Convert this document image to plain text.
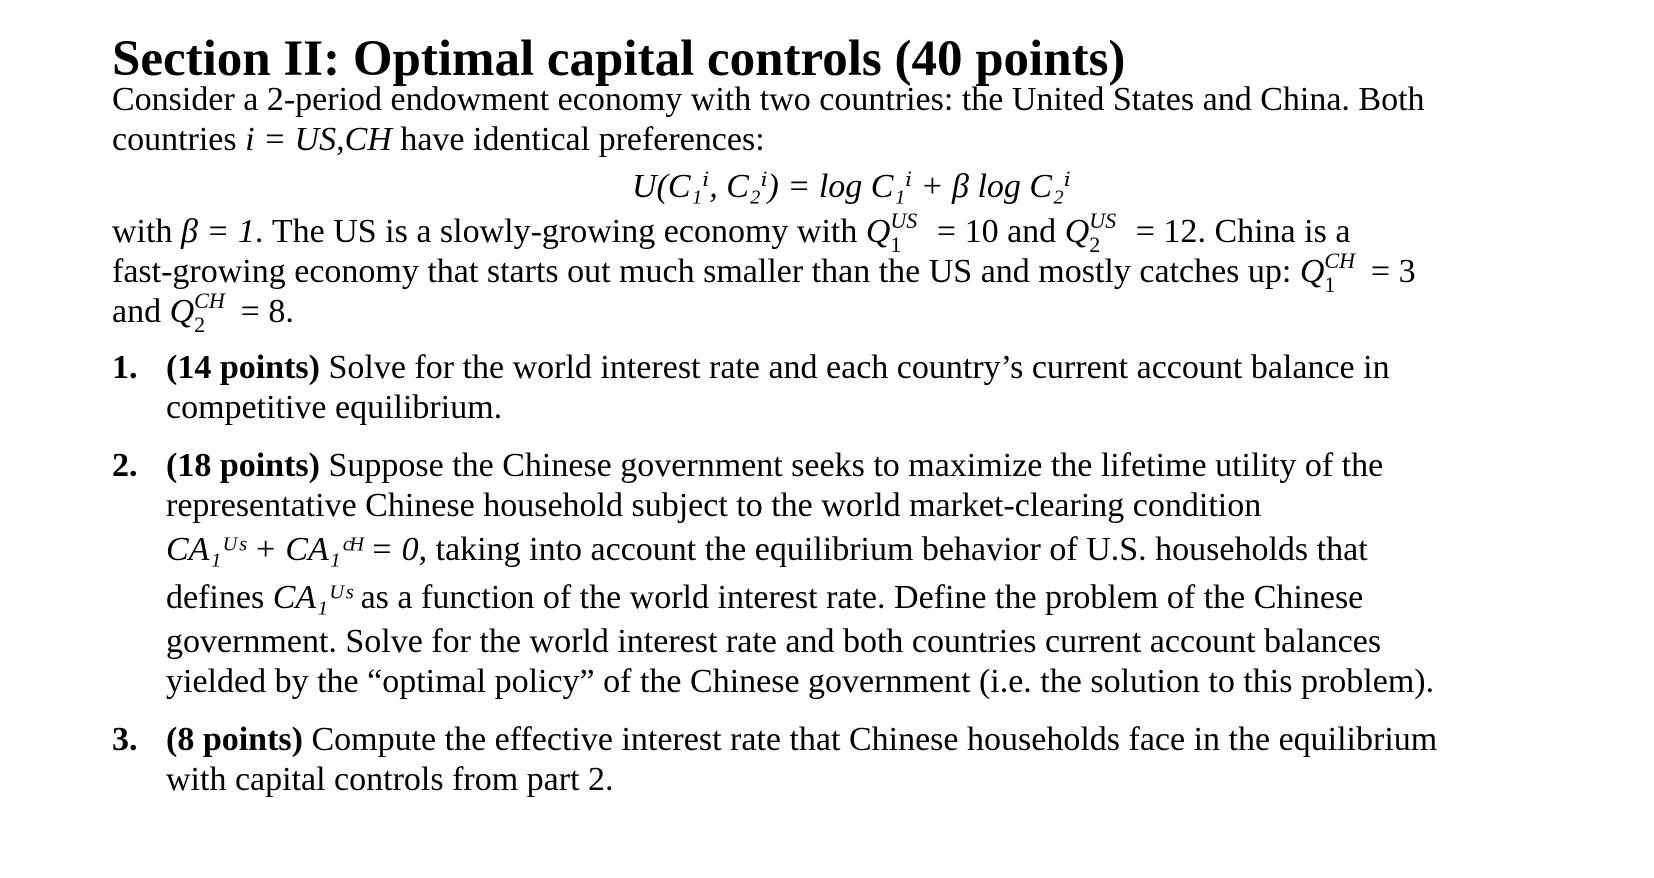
Section II: Optimal capital controls (40 points)
Consider a 2-period endowment economy with two countries: the United States and China. Both
countries i = US,CH have identical preferences:
U(C₁ⁱ, C₂ⁱ) = log C₁ⁱ + β log C₂ⁱ
with β = 1. The US is a slowly-growing economy with Q US
1 = 10 and Q US
2 = 12. China is a
fast-growing economy that starts out much smaller than the US and mostly catches up: Q CH
1 = 3
and Q CH
2 = 8.
1. (14 points) Solve for the world interest rate and each country’s current account balance in
competitive equilibrium.
2. (18 points) Suppose the Chinese government seeks to maximize the lifetime utility of the
representative Chinese household subject to the world market-clearing condition
CA₁ᵁˢ + CA₁ᶜᴴ = 0, taking into account the equilibrium behavior of U.S. households that
defines CA₁ᵁˢ as a function of the world interest rate. Define the problem of the Chinese
government. Solve for the world interest rate and both countries current account balances
yielded by the “optimal policy” of the Chinese government (i.e. the solution to this problem).
3. (8 points) Compute the effective interest rate that Chinese households face in the equilibrium
with capital controls from part 2.
